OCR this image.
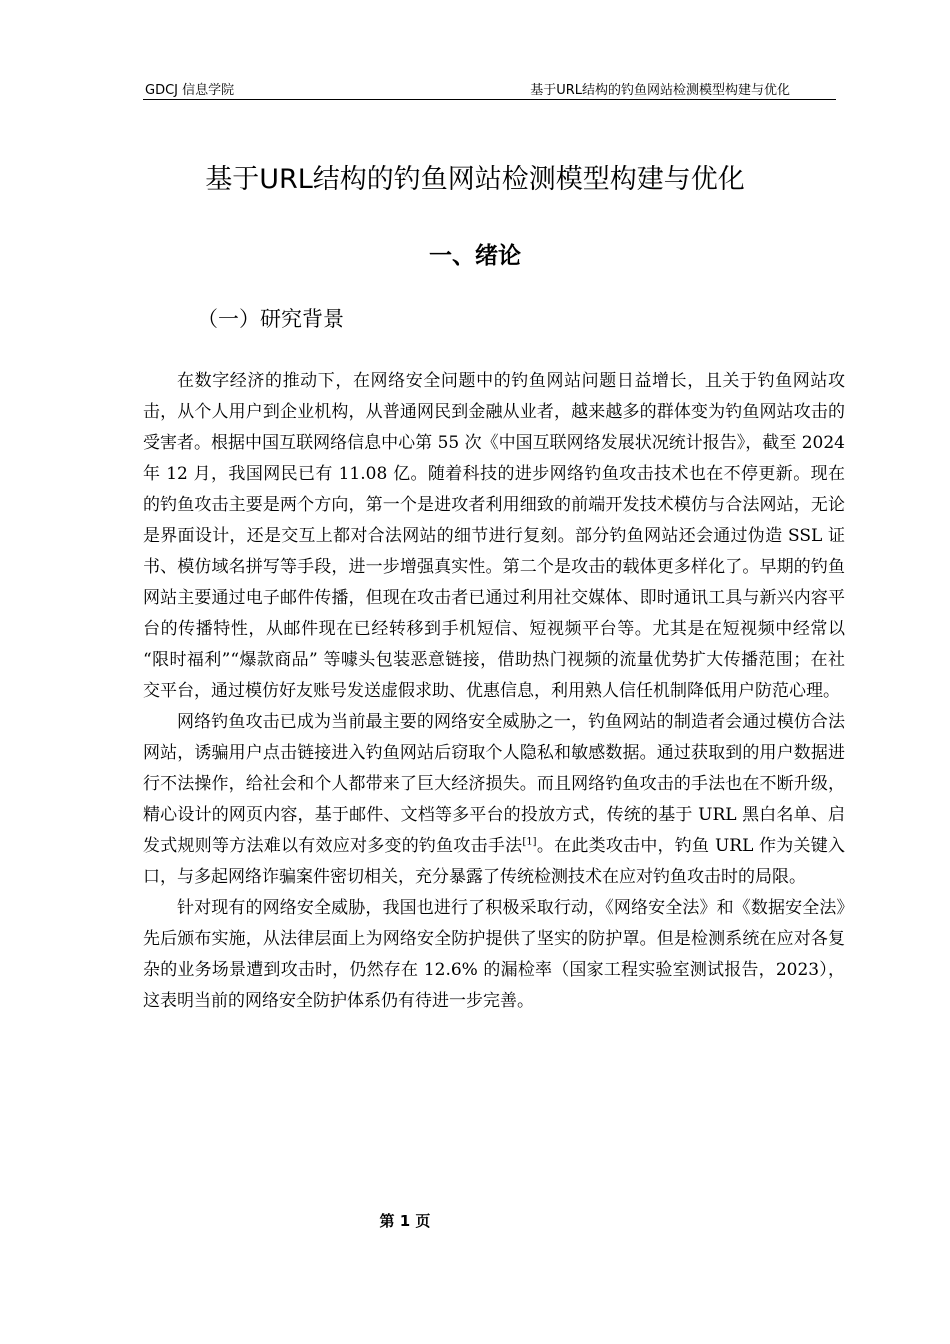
GDCJ 信息学院	基于URL结构的钓鱼网站检测模型构建与优化
基于URL结构的钓鱼网站检测模型构建与优化
一、绪论
（一）研究背景

在数字经济的推动下，在网络安全问题中的钓鱼网站问题日益增长，且关于钓鱼网站攻击，从个人用户到企业机构，从普通网民到金融从业者，越来越多的群体变为钓鱼网站攻击的受害者。根据中国互联网络信息中心第 55 次《中国互联网络发展状况统计报告》，截至 2024 年 12 月，我国网民已有 11.08 亿。随着科技的进步网络钓鱼攻击技术也在不停更新。现在的钓鱼攻击主要是两个方向，第一个是进攻者利用细致的前端开发技术模仿与合法网站，无论是界面设计，还是交互上都对合法网站的细节进行复刻。部分钓鱼网站还会通过伪造 SSL 证书、模仿域名拼写等手段，进一步增强真实性。第二个是攻击的载体更多样化了。早期的钓鱼网站主要通过电子邮件传播，但现在攻击者已通过利用社交媒体、即时通讯工具与新兴内容平台的传播特性，从邮件现在已经转移到手机短信、短视频平台等。尤其是在短视频中经常以 “限时福利”“爆款商品” 等噱头包装恶意链接，借助热门视频的流量优势扩大传播范围；在社交平台，通过模仿好友账号发送虚假求助、优惠信息，利用熟人信任机制降低用户防范心理。

网络钓鱼攻击已成为当前最主要的网络安全威胁之一，钓鱼网站的制造者会通过模仿合法网站，诱骗用户点击链接进入钓鱼网站后窃取个人隐私和敏感数据。通过获取到的用户数据进行不法操作，给社会和个人都带来了巨大经济损失。而且网络钓鱼攻击的手法也在不断升级，精心设计的网页内容，基于邮件、文档等多平台的投放方式，传统的基于 URL 黑白名单、启发式规则等方法难以有效应对多变的钓鱼攻击手法[1]。在此类攻击中，钓鱼 URL 作为关键入口，与多起网络诈骗案件密切相关，充分暴露了传统检测技术在应对钓鱼攻击时的局限。

针对现有的网络安全威胁，我国也进行了积极采取行动，《网络安全法》和《数据安全法》先后颁布实施，从法律层面上为网络安全防护提供了坚实的防护罩。但是检测系统在应对各复杂的业务场景遭到攻击时，仍然存在 12.6% 的漏检率（国家工程实验室测试报告，2023），这表明当前的网络安全防护体系仍有待进一步完善。

第 1 页
